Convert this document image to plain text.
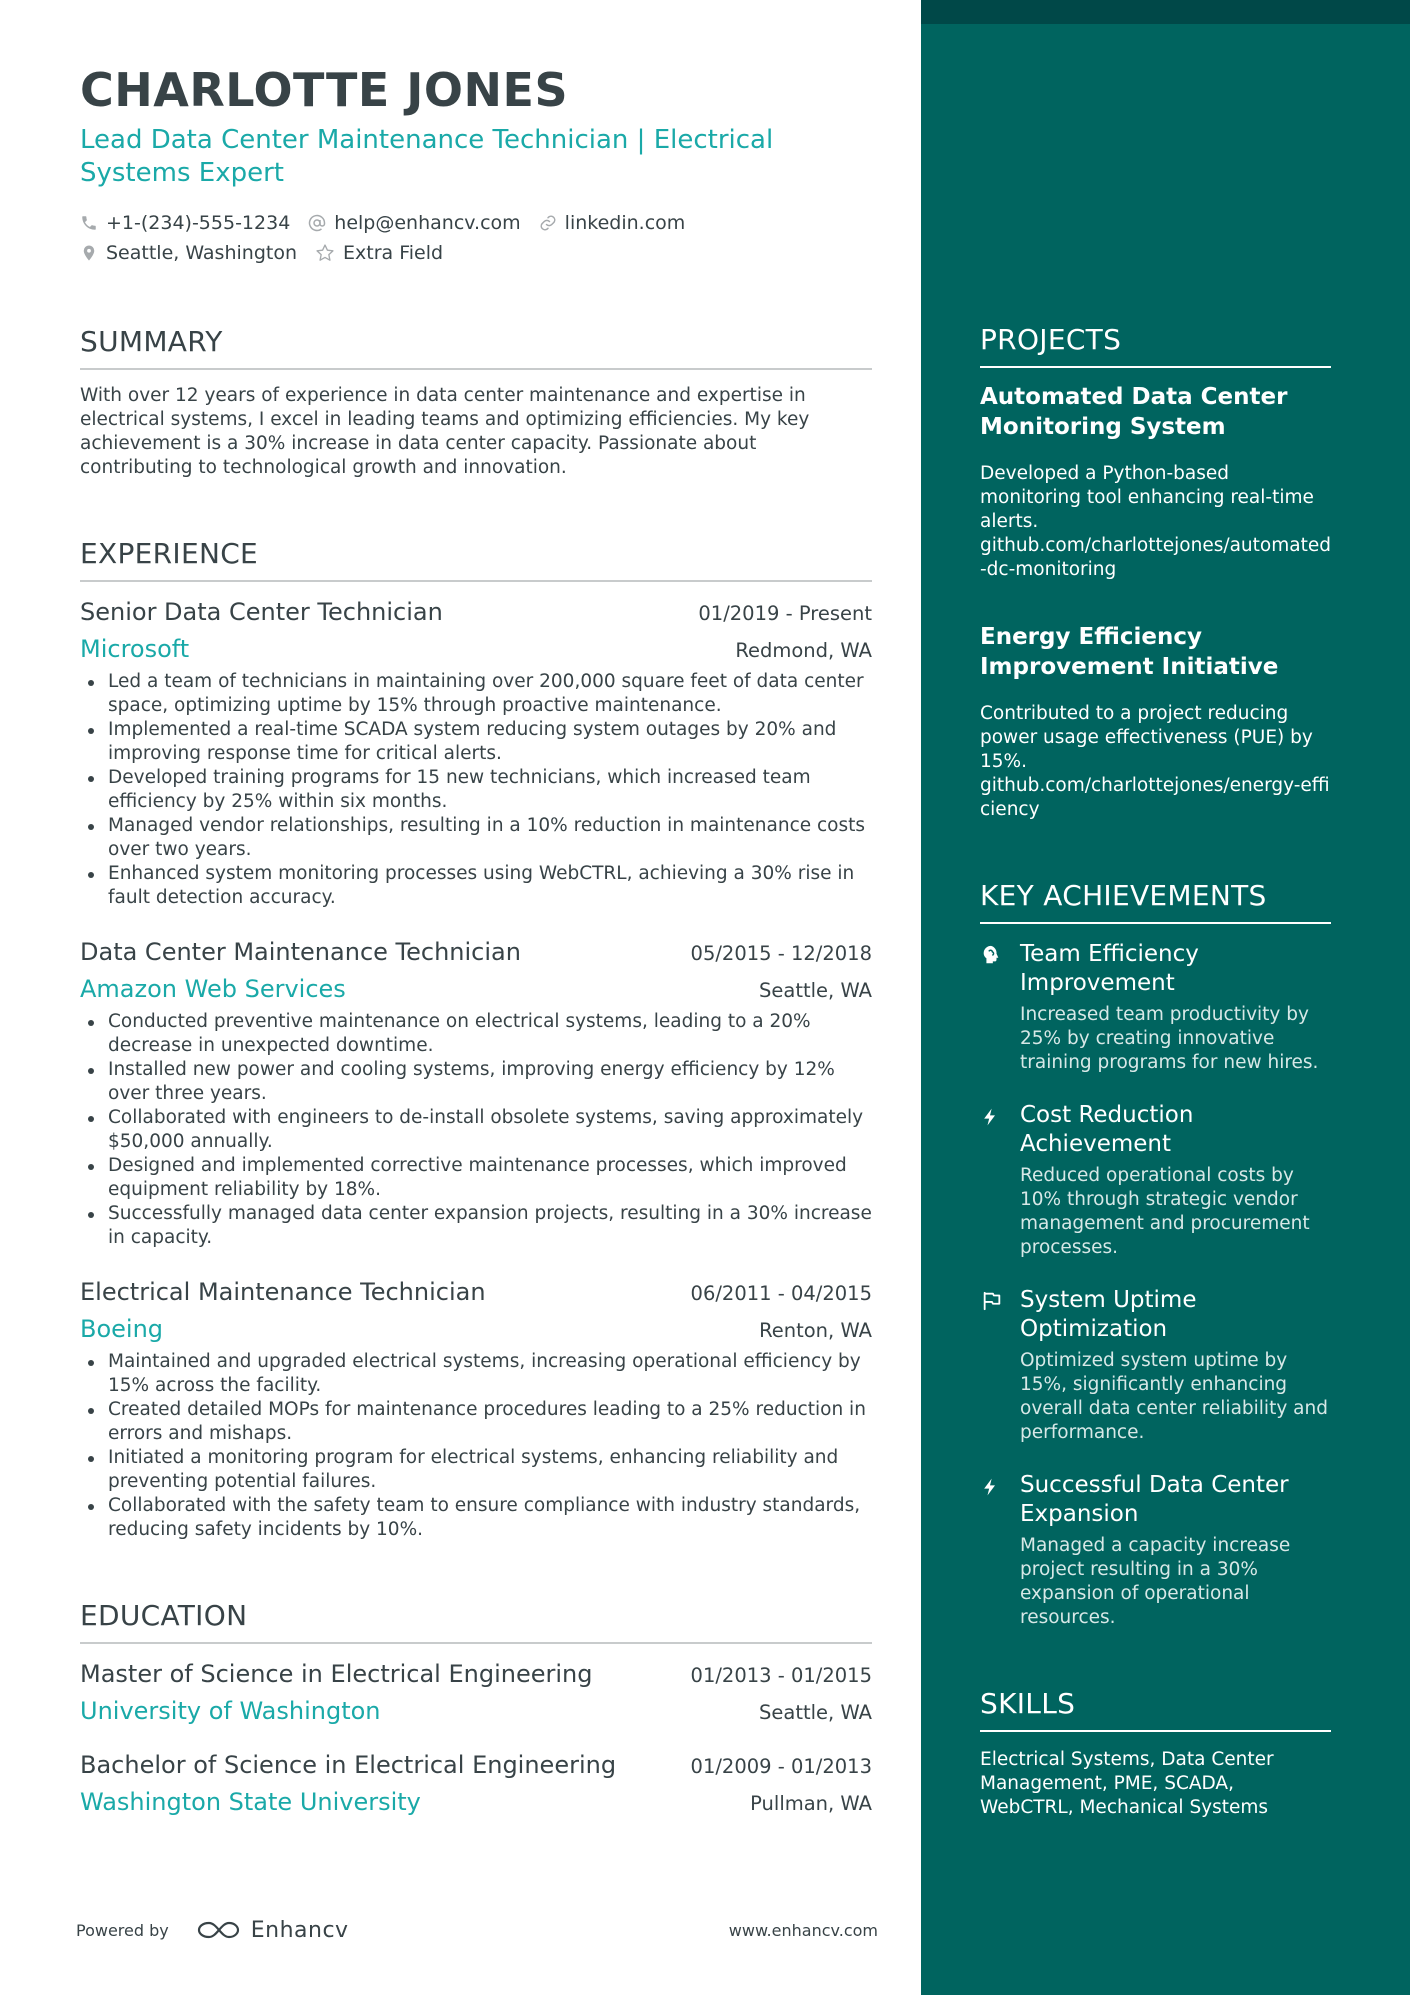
CHARLOTTE JONES
Lead Data Center Maintenance Technician | Electrical
Systems Expert
+1-(234)-555-1234 help@enhancv.com linkedin.com
Seattle, Washington Extra Field
SUMMARY
With over 12 years of experience in data center maintenance and expertise in electrical systems, I excel in leading teams and optimizing efficiencies. My key achievement is a 30% increase in data center capacity. Passionate about contributing to technological growth and innovation.
EXPERIENCE
Senior Data Center Technician	01/2019 - Present
Microsoft	Redmond, WA
Led a team of technicians in maintaining over 200,000 square feet of data center space, optimizing uptime by 15% through proactive maintenance.
Implemented a real-time SCADA system reducing system outages by 20% and improving response time for critical alerts.
Developed training programs for 15 new technicians, which increased team efficiency by 25% within six months.
Managed vendor relationships, resulting in a 10% reduction in maintenance costs over two years.
Enhanced system monitoring processes using WebCTRL, achieving a 30% rise in fault detection accuracy.
Data Center Maintenance Technician	05/2015 - 12/2018
Amazon Web Services	Seattle, WA
Conducted preventive maintenance on electrical systems, leading to a 20% decrease in unexpected downtime.
Installed new power and cooling systems, improving energy efficiency by 12% over three years.
Collaborated with engineers to de-install obsolete systems, saving approximately $50,000 annually.
Designed and implemented corrective maintenance processes, which improved equipment reliability by 18%.
Successfully managed data center expansion projects, resulting in a 30% increase in capacity.
Electrical Maintenance Technician	06/2011 - 04/2015
Boeing	Renton, WA
Maintained and upgraded electrical systems, increasing operational efficiency by 15% across the facility.
Created detailed MOPs for maintenance procedures leading to a 25% reduction in errors and mishaps.
Initiated a monitoring program for electrical systems, enhancing reliability and preventing potential failures.
Collaborated with the safety team to ensure compliance with industry standards, reducing safety incidents by 10%.
EDUCATION
Master of Science in Electrical Engineering	01/2013 - 01/2015
University of Washington	Seattle, WA
Bachelor of Science in Electrical Engineering	01/2009 - 01/2013
Washington State University	Pullman, WA
PROJECTS
Automated Data Center Monitoring System
Developed a Python-based monitoring tool enhancing real-time alerts.
github.com/charlottejones/automated-dc-monitoring
Energy Efficiency Improvement Initiative
Contributed to a project reducing power usage effectiveness (PUE) by 15%.
github.com/charlottejones/energy-efficiency
KEY ACHIEVEMENTS
Team Efficiency Improvement
Increased team productivity by 25% by creating innovative training programs for new hires.
Cost Reduction Achievement
Reduced operational costs by 10% through strategic vendor management and procurement processes.
System Uptime Optimization
Optimized system uptime by 15%, significantly enhancing overall data center reliability and performance.
Successful Data Center Expansion
Managed a capacity increase project resulting in a 30% expansion of operational resources.
SKILLS
Electrical Systems, Data Center Management, PME, SCADA, WebCTRL, Mechanical Systems
Powered by	Enhancv	www.enhancv.com
